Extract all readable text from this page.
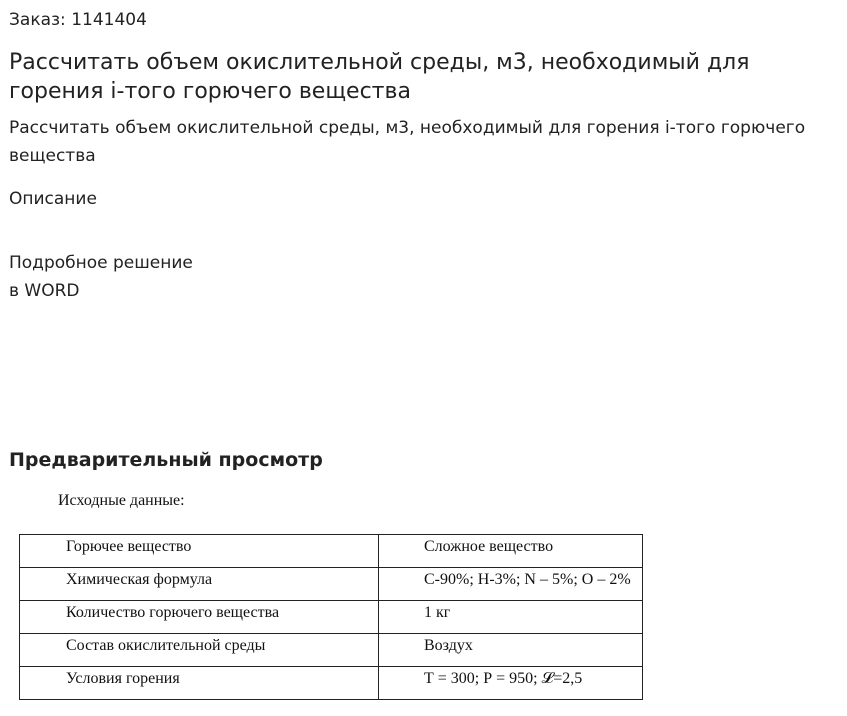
Заказ: 1141404
Рассчитать объем окислительной среды, м3, необходимый для горения i-того горючего вещества
Рассчитать объем окислительной среды, м3, необходимый для горения i-того горючего вещества
Описание
Подробное решение
в WORD
Предварительный просмотр
Исходные данные:
Горючее вещество	Сложное вещество
Химическая формула	С-90%; Н-3%; N – 5%; O – 2%
Количество горючего вещества	1 кг
Состав окислительной среды	Воздух
Условия горения	Т = 300; Р = 950; 𝓛=2,5
